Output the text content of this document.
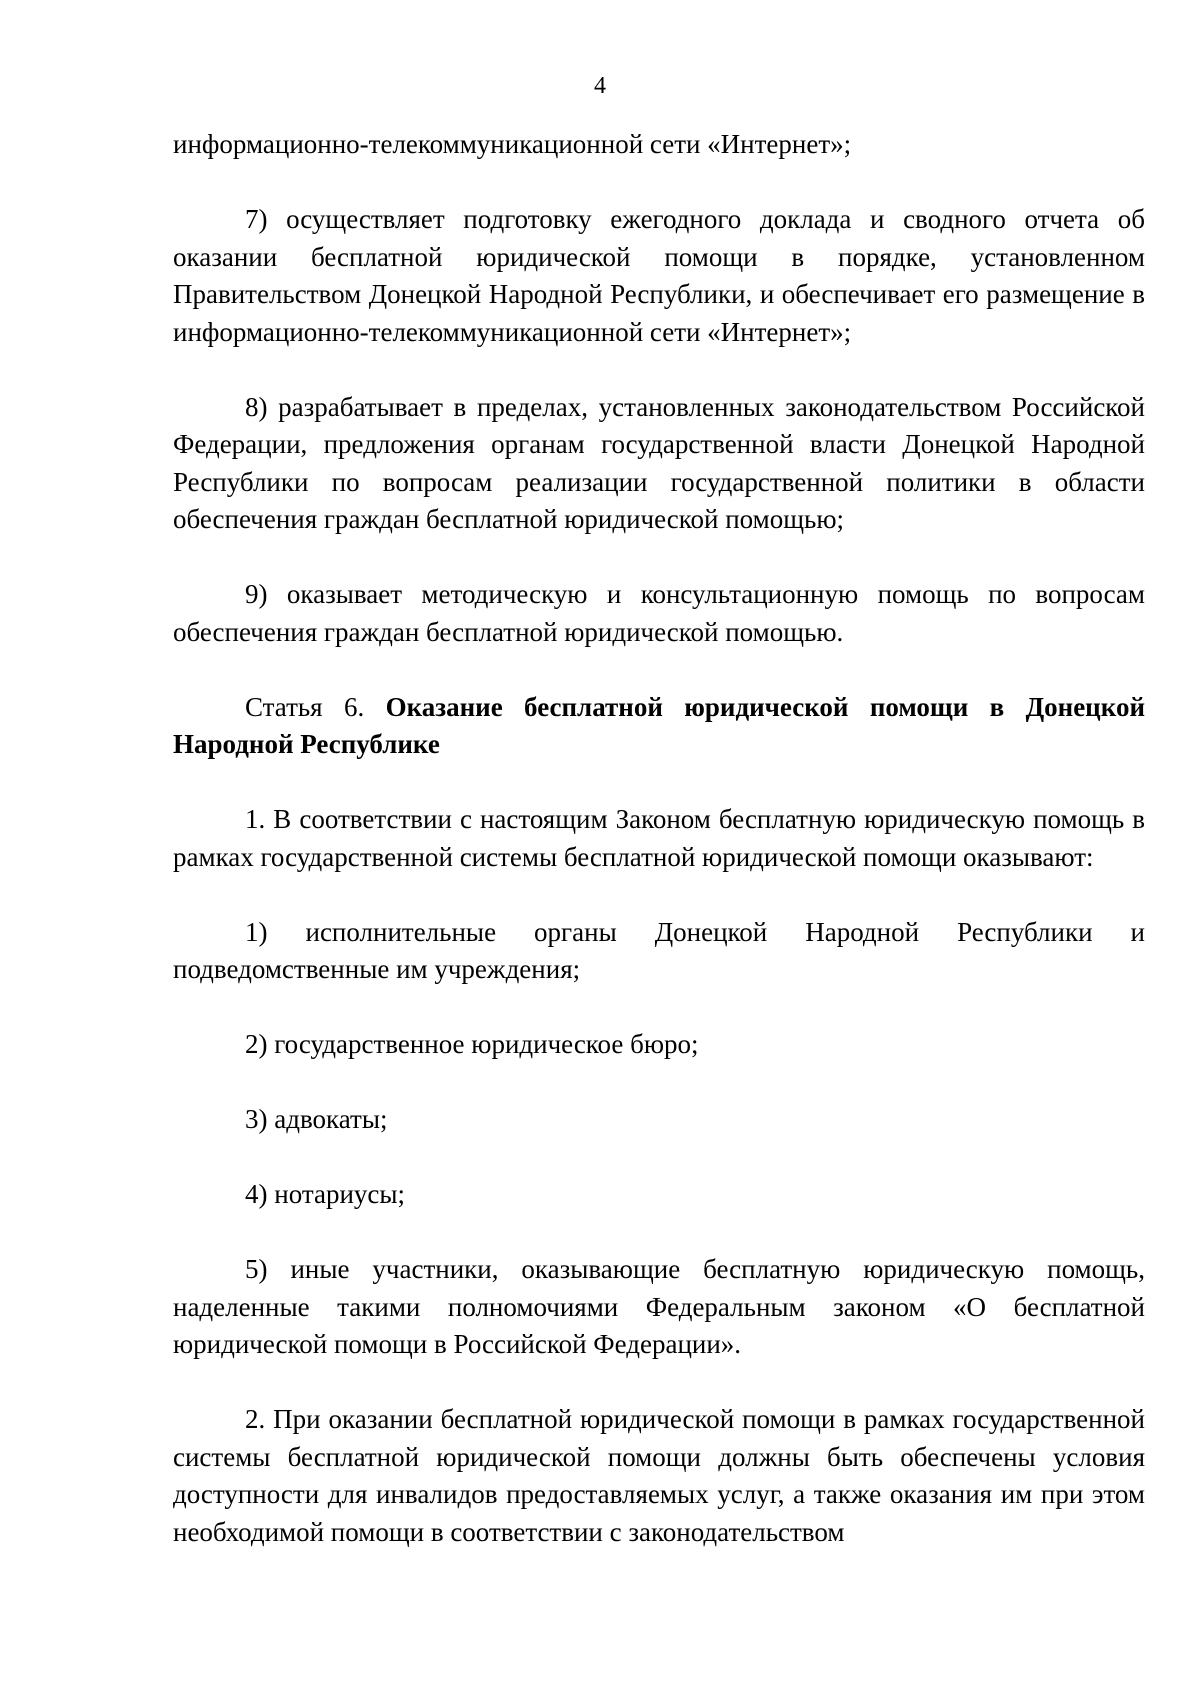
4

информационно-телекоммуникационной сети «Интернет»;

7) осуществляет подготовку ежегодного доклада и сводного отчета об оказании бесплатной юридической помощи в порядке, установленном Правительством Донецкой Народной Республики, и обеспечивает его размещение в информационно-телекоммуникационной сети «Интернет»;

8) разрабатывает в пределах, установленных законодательством Российской Федерации, предложения органам государственной власти Донецкой Народной Республики по вопросам реализации государственной политики в области обеспечения граждан бесплатной юридической помощью;

9) оказывает методическую и консультационную помощь по вопросам обеспечения граждан бесплатной юридической помощью.

Статья 6. Оказание бесплатной юридической помощи в Донецкой Народной Республике

1. В соответствии с настоящим Законом бесплатную юридическую помощь в рамках государственной системы бесплатной юридической помощи оказывают:

1) исполнительные органы Донецкой Народной Республики и подведомственные им учреждения;

2) государственное юридическое бюро;

3) адвокаты;

4) нотариусы;

5) иные участники, оказывающие бесплатную юридическую помощь, наделенные такими полномочиями Федеральным законом «О бесплатной юридической помощи в Российской Федерации».

2. При оказании бесплатной юридической помощи в рамках государственной системы бесплатной юридической помощи должны быть обеспечены условия доступности для инвалидов предоставляемых услуг, а также оказания им при этом необходимой помощи в соответствии с законодательством
